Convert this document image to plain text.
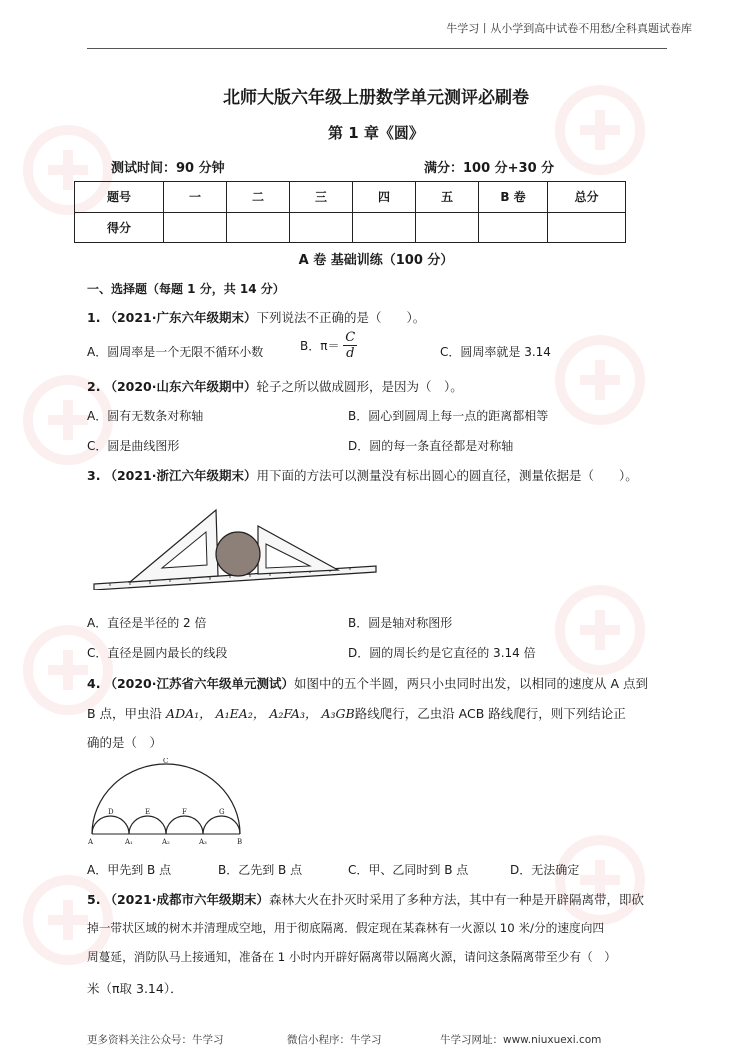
牛学习丨从小学到高中试卷不用愁/全科真题试卷库
北师大版六年级上册数学单元测评必刷卷
第 1 章《圆》
测试时间：90 分钟	满分：100 分+30 分
题号	一	二	三	四	五	B 卷	总分
得分							
A 卷 基础训练（100 分）
一、选择题（每题 1 分，共 14 分）
1. （2021·广东六年级期末）下列说法不正确的是（　　）。
A．圆周率是一个无限不循环小数	B．$\pi= \frac{C}{d}$	C．圆周率就是 3.14
2. （2020·山东六年级期中）轮子之所以做成圆形，是因为（　）。
A．圆有无数条对称轴	B．圆心到圆周上每一点的距离都相等
C．圆是曲线图形	D．圆的每一条直径都是对称轴
3. （2021·浙江六年级期末）用下面的方法可以测量没有标出圆心的圆直径，测量依据是（　　）。
A．直径是半径的 2 倍	B．圆是轴对称图形
C．直径是圆内最长的线段	D．圆的周长约是它直径的 3.14 倍
4. （2020·江苏省六年级单元测试）如图中的五个半圆，两只小虫同时出发，以相同的速度从 A 点到
B 点，甲虫沿 ADA₁， A₁EA₂， A₂FA₃， A₃GB路线爬行，乙虫沿 ACB 路线爬行，则下列结论正
确的是（　）
C
D	E	F	G
A	A₁	A₂	A₃	B
A．甲先到 B 点	B．乙先到 B 点	C．甲、乙同时到 B 点	D．无法确定
5. （2021·成都市六年级期末）森林大火在扑灭时采用了多种方法，其中有一种是开辟隔离带，即砍
掉一带状区域的树木并清理成空地，用于彻底隔离．假定现在某森林有一火源以 10 米/分的速度向四
周蔓延，消防队马上接通知，准备在 1 小时内开辟好隔离带以隔离火源，请问这条隔离带至少有（　）
米（π取 3.14）．
更多资料关注公众号：牛学习	微信小程序：牛学习	牛学习网址：www.niuxuexi.com
